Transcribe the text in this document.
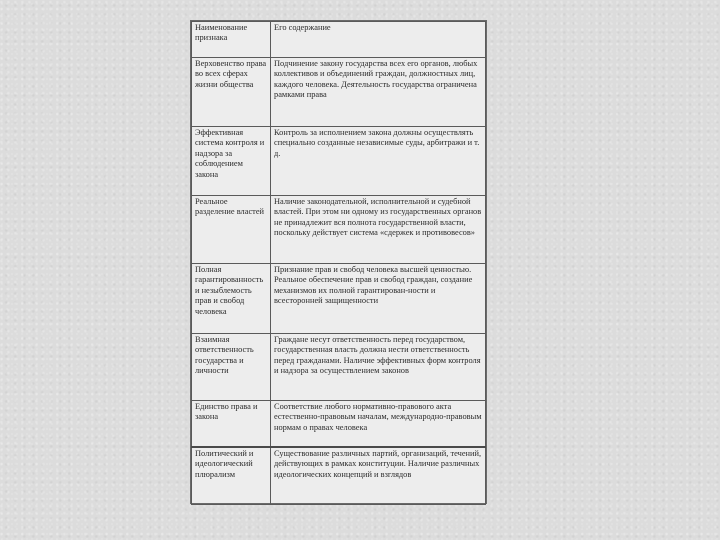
Наименование признака	Его содержание
Верховенство права во всех сферах жизни общества	Подчинение закону государства всех его органов, любых коллективов и объединений граждан, должностных лиц, каждого человека. Деятельность государства ограничена рамками права
Эффективная система контроля и надзора за соблюдением закона	Контроль за исполнением закона должны осуществлять специально созданные независимые суды, арбитражи и т. д.
Реальное разделение властей	Наличие законодательной, исполнительной и судебной властей. При этом ни одному из государственных органов не принадлежит вся полнота государственной власти, поскольку действует система «сдержек и противовесов»
Полная гарантированность и незыблемость прав и свобод человека	Признание прав и свобод человека высшей ценностью. Реальное обеспечение прав и свобод граждан, создание механизмов их полной гарантирован-ности и всесторонней защищенности
Взаимная ответственность государства и личности	Граждане несут ответственность перед государством, государственная власть должна нести ответственность перед гражданами. Наличие эффективных форм контроля и надзора за осуществлением законов
Единство права и закона	Соответствие любого нормативно-правового акта естественно-правовым началам, международно-правовым нормам о правах человека
Политический и идеологический плюрализм	Существование различных партий, организаций, течений, действующих в рамках конституции. Наличие различных идеологических концепций и взглядов
